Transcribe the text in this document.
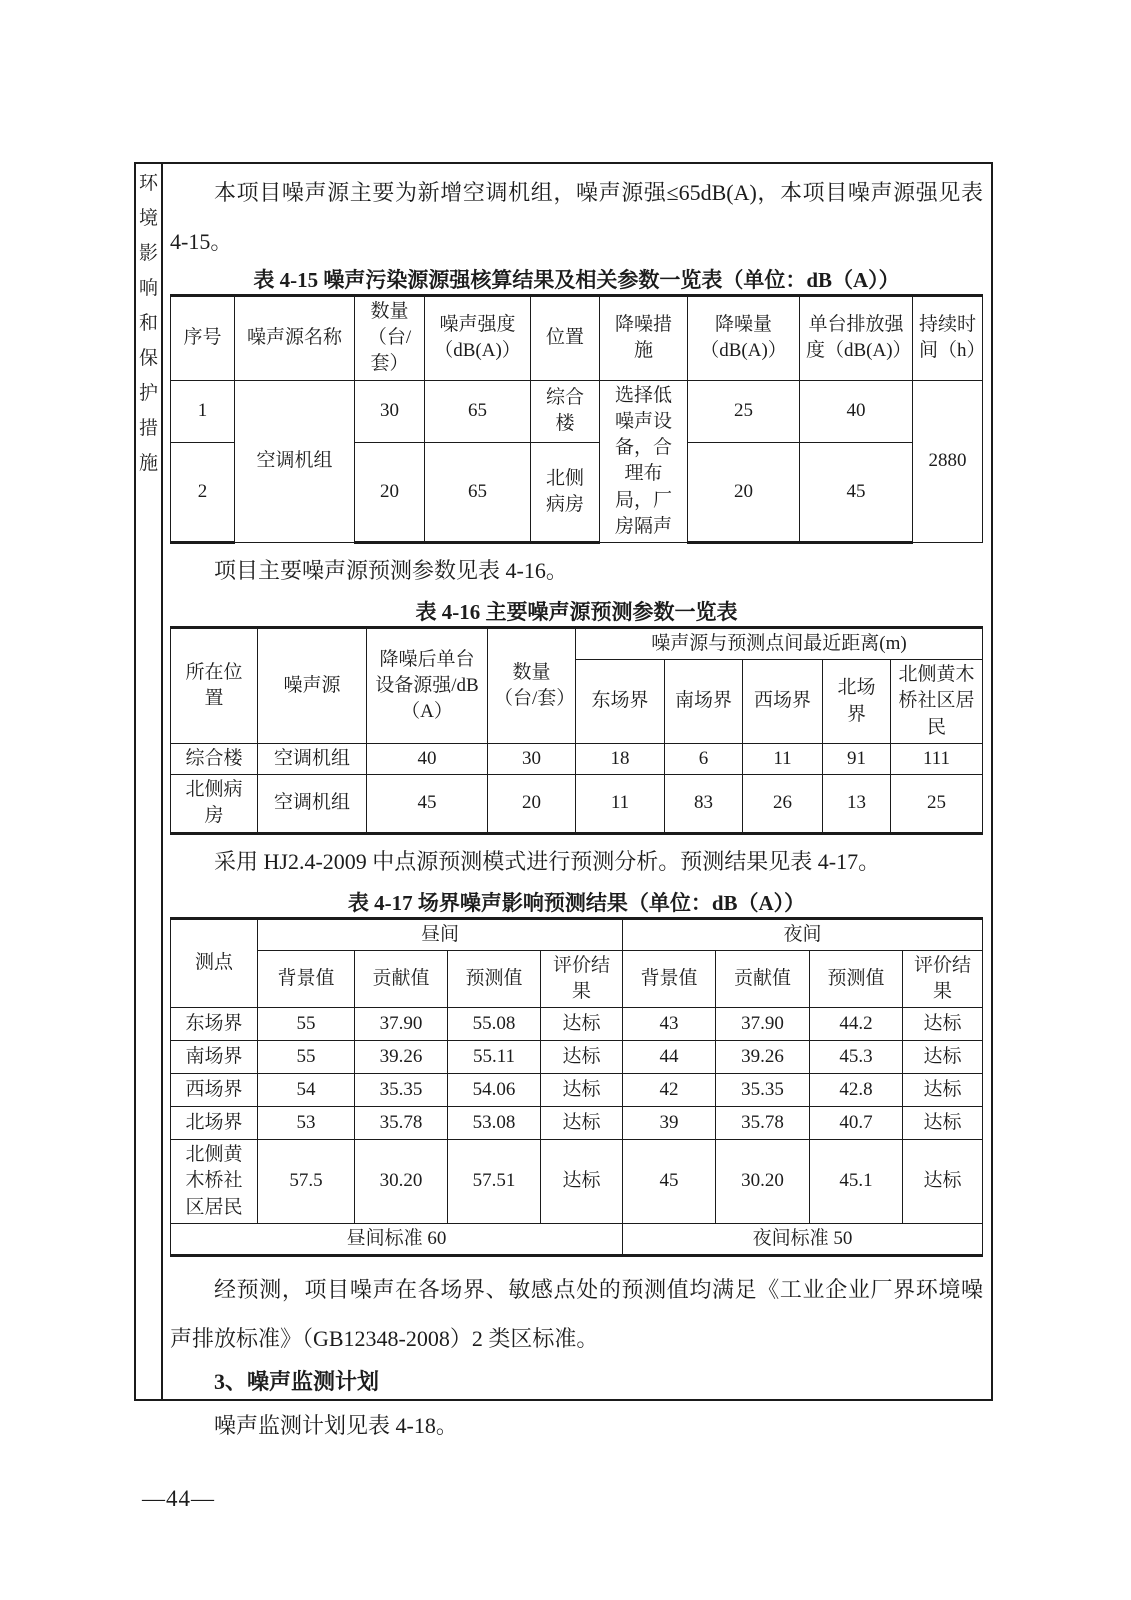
环
境
影
响
和
保
护
措
施

本项目噪声源主要为新增空调机组，噪声源强≤65dB(A)，本项目噪声源强见表 4-15。

表 4-15 噪声污染源源强核算结果及相关参数一览表（单位：dB（A））

序号	噪声源名称	数量（台/套）	噪声强度（dB(A)）	位置	降噪措施	降噪量（dB(A)）	单台排放强度（dB(A)）	持续时间（h）
1	空调机组	30	65	综合楼	选择低噪声设备，合理布局，厂房隔声	25	40	2880
2		20	65	北侧病房		20	45	

项目主要噪声源预测参数见表 4-16。

表 4-16 主要噪声源预测参数一览表

所在位置	噪声源	降噪后单台设备源强/dB（A）	数量（台/套）	噪声源与预测点间最近距离(m)				
				东场界	南场界	西场界	北场界	北侧黄木桥社区居民
综合楼	空调机组	40	30	18	6	11	91	111
北侧病房	空调机组	45	20	11	83	26	13	25

采用 HJ2.4-2009 中点源预测模式进行预测分析。预测结果见表 4-17。

表 4-17 场界噪声影响预测结果（单位：dB（A））

测点	昼间				夜间			
	背景值	贡献值	预测值	评价结果	背景值	贡献值	预测值	评价结果
东场界	55	37.90	55.08	达标	43	37.90	44.2	达标
南场界	55	39.26	55.11	达标	44	39.26	45.3	达标
西场界	54	35.35	54.06	达标	42	35.35	42.8	达标
北场界	53	35.78	53.08	达标	39	35.78	40.7	达标
北侧黄木桥社区居民	57.5	30.20	57.51	达标	45	30.20	45.1	达标
昼间标准 60					夜间标准 50			

经预测，项目噪声在各场界、敏感点处的预测值均满足《工业企业厂界环境噪声排放标准》（GB12348-2008）2 类区标准。

3、噪声监测计划

噪声监测计划见表 4-18。

—44—
